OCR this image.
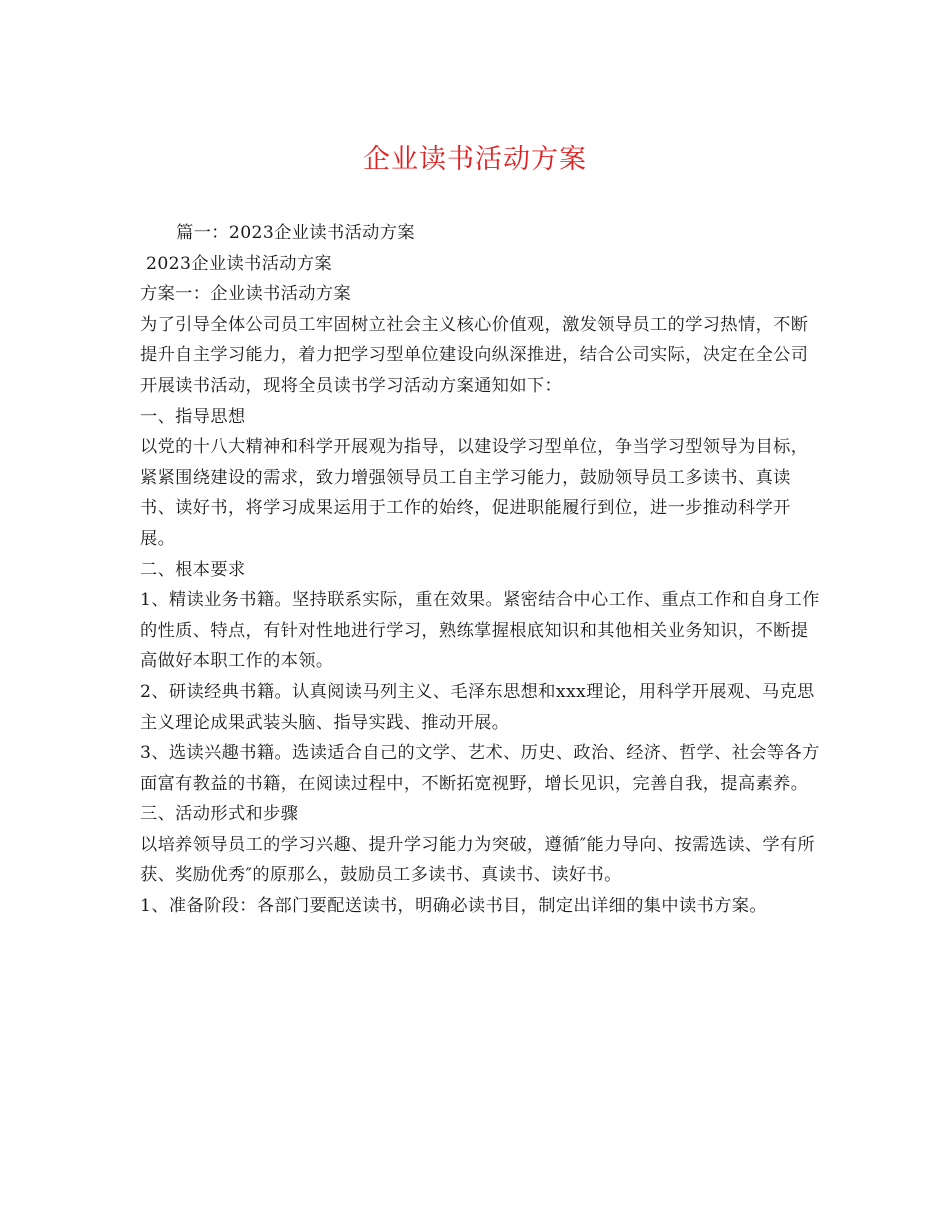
企业读书活动方案

篇一：2023企业读书活动方案

2023企业读书活动方案

方案一：企业读书活动方案

为了引导全体公司员工牢固树立社会主义核心价值观，激发领导员工的学习热情，不断提升自主学习能力，着力把学习型单位建设向纵深推进，结合公司实际，决定在全公司开展读书活动，现将全员读书学习活动方案通知如下：

一、指导思想

以党的十八大精神和科学开展观为指导，以建设学习型单位，争当学习型领导为目标，紧紧围绕建设的需求，致力增强领导员工自主学习能力，鼓励领导员工多读书、真读书、读好书，将学习成果运用于工作的始终，促进职能履行到位，进一步推动科学开展。

二、根本要求

1、精读业务书籍。坚持联系实际，重在效果。紧密结合中心工作、重点工作和自身工作的性质、特点，有针对性地进行学习，熟练掌握根底知识和其他相关业务知识，不断提高做好本职工作的本领。

2、研读经典书籍。认真阅读马列主义、毛泽东思想和xxx理论，用科学开展观、马克思主义理论成果武装头脑、指导实践、推动开展。

3、选读兴趣书籍。选读适合自己的文学、艺术、历史、政治、经济、哲学、社会等各方面富有教益的书籍，在阅读过程中，不断拓宽视野，增长见识，完善自我，提高素养。

三、活动形式和步骤

以培养领导员工的学习兴趣、提升学习能力为突破，遵循″能力导向、按需选读、学有所获、奖励优秀″的原那么，鼓励员工多读书、真读书、读好书。

1、准备阶段：各部门要配送读书，明确必读书目，制定出详细的集中读书方案。
